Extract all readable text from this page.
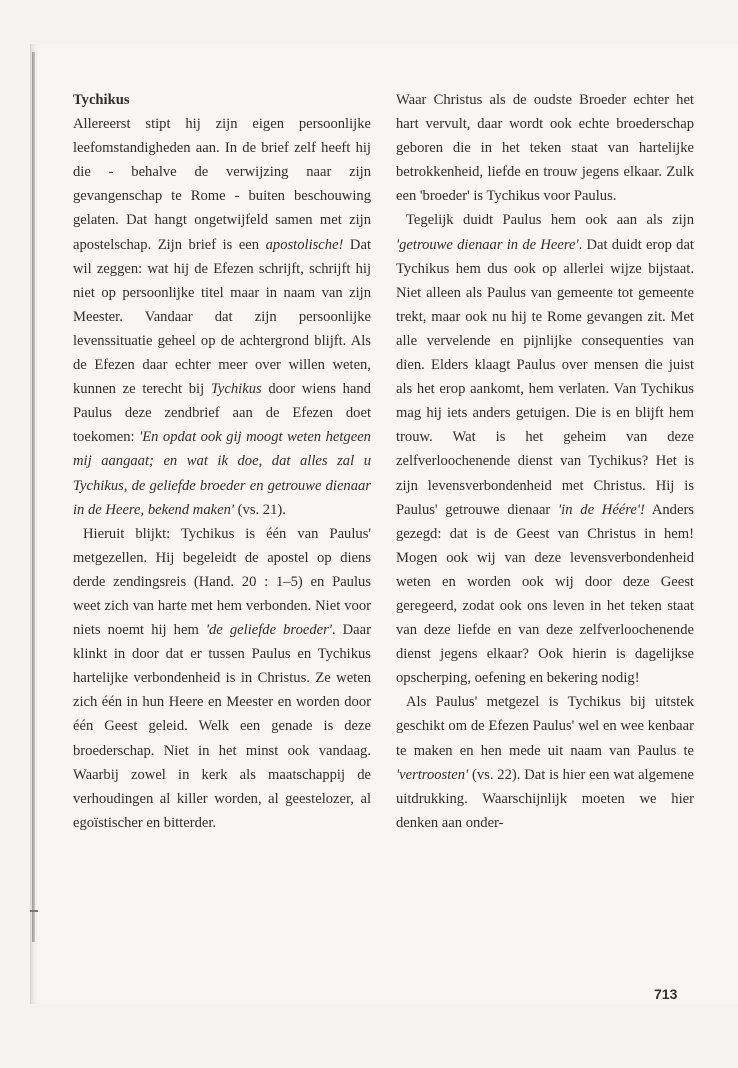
Tychikus

Allereerst stipt hij zijn eigen persoonlijke leefomstandigheden aan. In de brief zelf heeft hij die - behalve de verwijzing naar zijn gevangenschap te Rome - buiten beschouwing gelaten. Dat hangt ongetwijfeld samen met zijn apostelschap. Zijn brief is een apostolische! Dat wil zeggen: wat hij de Efezen schrijft, schrijft hij niet op persoonlijke titel maar in naam van zijn Meester. Vandaar dat zijn persoonlijke levenssituatie geheel op de achtergrond blijft. Als de Efezen daar echter meer over willen weten, kunnen ze terecht bij Tychikus door wiens hand Paulus deze zendbrief aan de Efezen doet toekomen: 'En opdat ook gij moogt weten hetgeen mij aangaat; en wat ik doe, dat alles zal u Tychikus, de geliefde broeder en getrouwe dienaar in de Heere, bekend maken' (vs. 21).

Hieruit blijkt: Tychikus is één van Paulus' metgezellen. Hij begeleidt de apostel op diens derde zendingsreis (Hand. 20 : 1–5) en Paulus weet zich van harte met hem verbonden. Niet voor niets noemt hij hem 'de geliefde broeder'. Daar klinkt in door dat er tussen Paulus en Tychikus hartelijke verbondenheid is in Christus. Ze weten zich één in hun Heere en Meester en worden door één Geest geleid. Welk een genade is deze broederschap. Niet in het minst ook vandaag. Waarbij zowel in kerk als maatschappij de verhoudingen al killer worden, al geestelozer, al egoïstischer en bitterder.

Waar Christus als de oudste Broeder echter het hart vervult, daar wordt ook echte broederschap geboren die in het teken staat van hartelijke betrokkenheid, liefde en trouw jegens elkaar. Zulk een 'broeder' is Tychikus voor Paulus.

Tegelijk duidt Paulus hem ook aan als zijn 'getrouwe dienaar in de Heere'. Dat duidt erop dat Tychikus hem dus ook op allerlei wijze bijstaat. Niet alleen als Paulus van gemeente tot gemeente trekt, maar ook nu hij te Rome gevangen zit. Met alle vervelende en pijnlijke consequenties van dien. Elders klaagt Paulus over mensen die juist als het erop aankomt, hem verlaten. Van Tychikus mag hij iets anders getuigen. Die is en blijft hem trouw. Wat is het geheim van deze zelfverloochenende dienst van Tychikus? Het is zijn levensverbondenheid met Christus. Hij is Paulus' getrouwe dienaar 'in de Héére'! Anders gezegd: dat is de Geest van Christus in hem! Mogen ook wij van deze levensverbondenheid weten en worden ook wij door deze Geest geregeerd, zodat ook ons leven in het teken staat van deze liefde en van deze zelfverloochenende dienst jegens elkaar? Ook hierin is dagelijkse opscherping, oefening en bekering nodig!

Als Paulus' metgezel is Tychikus bij uitstek geschikt om de Efezen Paulus' wel en wee kenbaar te maken en hen mede uit naam van Paulus te 'vertroosten' (vs. 22). Dat is hier een wat algemene uitdrukking. Waarschijnlijk moeten we hier denken aan onder-

713
